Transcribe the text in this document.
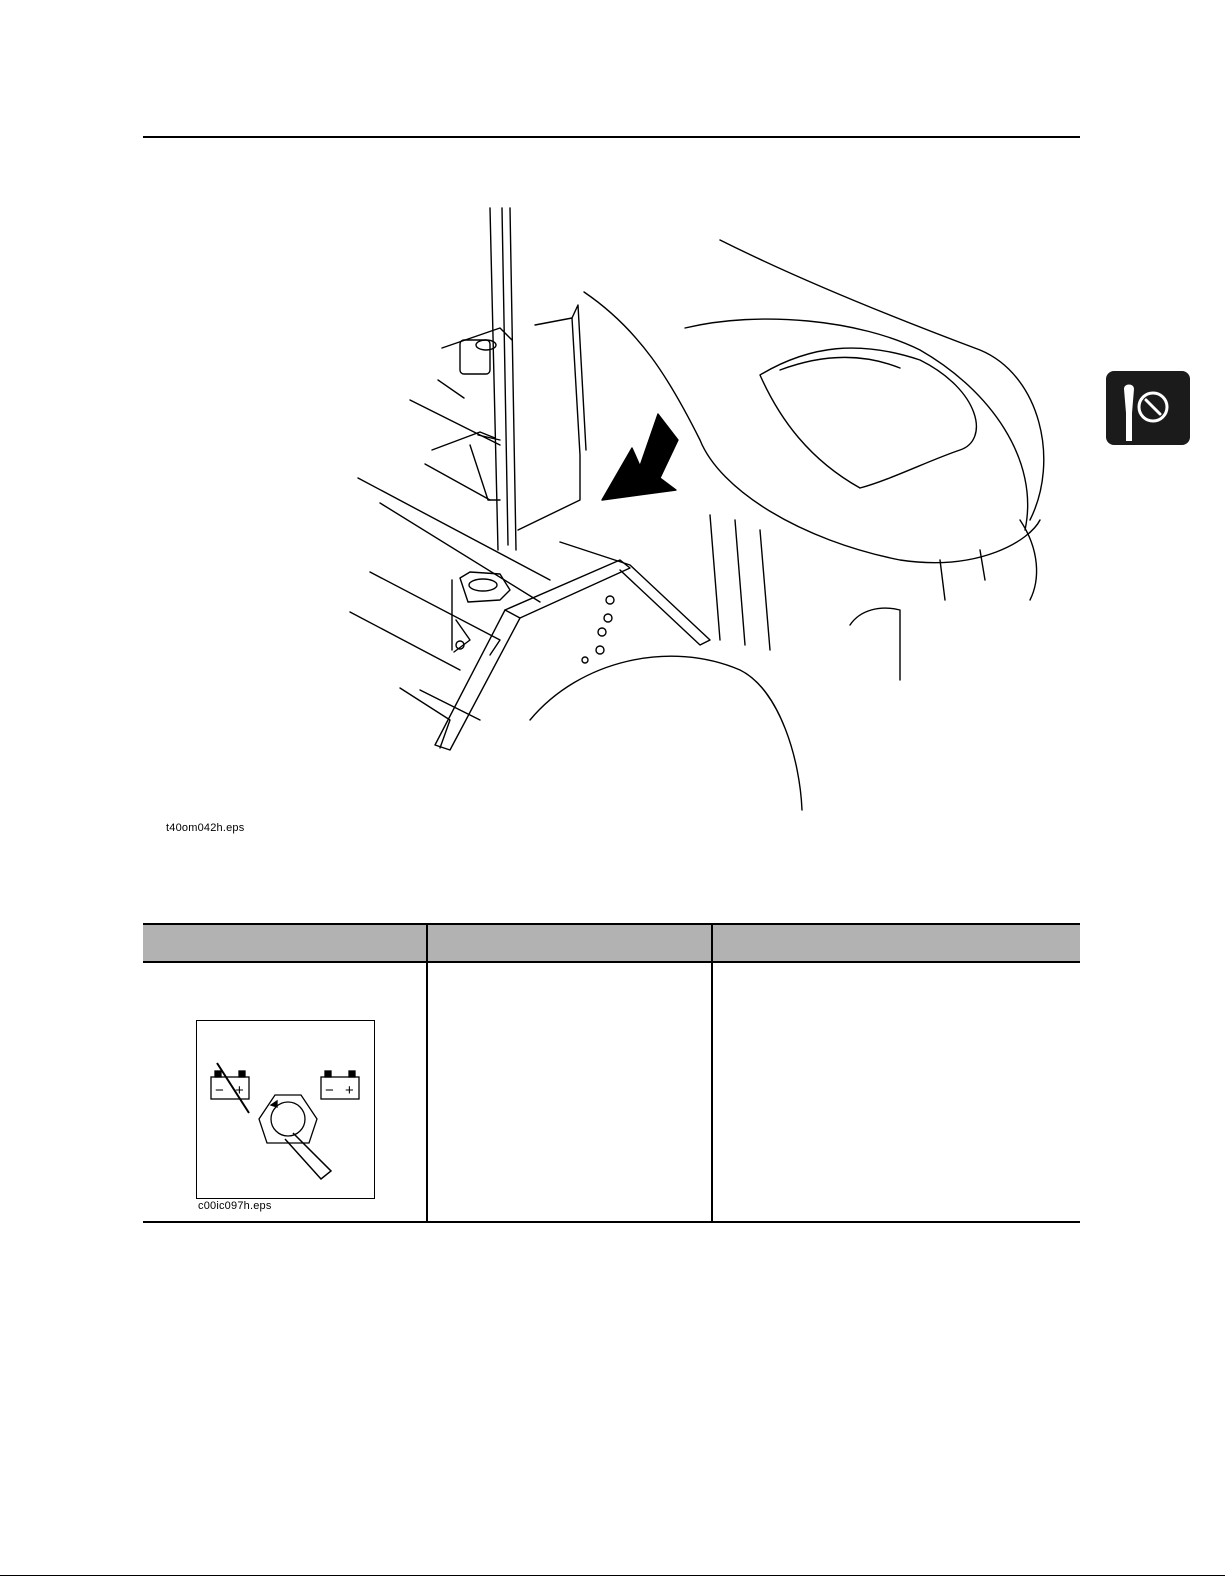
t40om042h.eps
− +	− +
c00ic097h.eps
